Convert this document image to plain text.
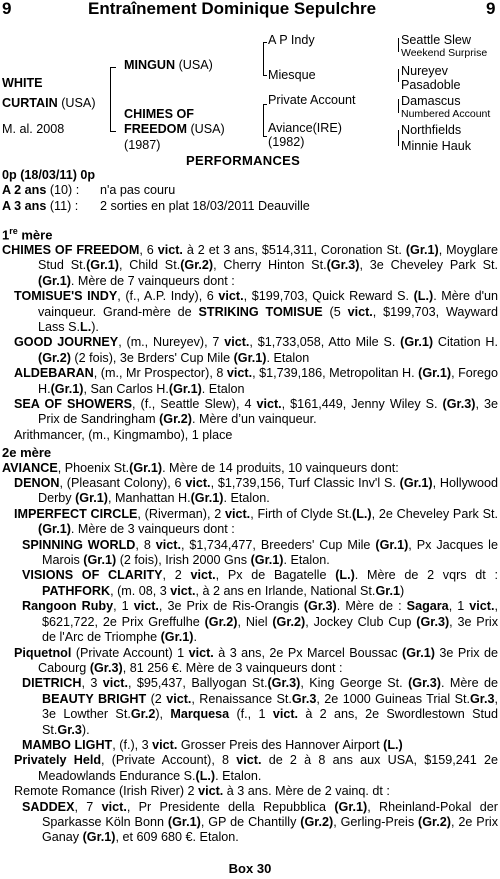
9	Entraînement Dominique Sepulchre	9
WHITE
CURTAIN (USA)
M. al. 2008
MINGUN (USA)
CHIMES OF
FREEDOM (USA)
(1987)
A P Indy
Miesque
Private Account
Aviance(IRE)
(1982)
Seattle Slew
Weekend Surprise
Nureyev
Pasadoble
Damascus
Numbered Account
Northfields
Minnie Hauk
PERFORMANCES
0p (18/03/11) 0p
A 2 ans (10) :	n'a pas couru
A 3 ans (11) :	2 sorties en plat 18/03/2011 Deauville
1re mère

CHIMES OF FREEDOM, 6 vict. à 2 et 3 ans, $514,311, Coronation St. (Gr.1), Moyglare Stud St.(Gr.1), Child St.(Gr.2), Cherry Hinton St.(Gr.3), 3e Cheveley Park St.(Gr.1). Mère de 7 vainqueurs dont :

TOMISUE'S INDY, (f., A.P. Indy), 6 vict., $199,703, Quick Reward S. (L.). Mère d'un vainqueur. Grand-mère de STRIKING TOMISUE (5 vict., $199,703, Wayward Lass S.L.).

GOOD JOURNEY, (m., Nureyev), 7 vict., $1,733,058, Atto Mile S. (Gr.1) Citation H.(Gr.2) (2 fois), 3e Brders' Cup Mile (Gr.1). Etalon

ALDEBARAN, (m., Mr Prospector), 8 vict., $1,739,186, Metropolitan H. (Gr.1), Forego H.(Gr.1), San Carlos H.(Gr.1). Etalon

SEA OF SHOWERS, (f., Seattle Slew), 4 vict., $161,449, Jenny Wiley S. (Gr.3), 3e Prix de Sandringham (Gr.2). Mère d’un vainqueur.

Arithmancer, (m., Kingmambo), 1 place

2e mère

AVIANCE, Phoenix St.(Gr.1). Mère de 14 produits, 10 vainqueurs dont:

DENON, (Pleasant Colony), 6 vict., $1,739,156, Turf Classic Inv'l S. (Gr.1), Hollywood Derby (Gr.1), Manhattan H.(Gr.1). Etalon.

IMPERFECT CIRCLE, (Riverman), 2 vict., Firth of Clyde St.(L.), 2e Cheveley Park St.(Gr.1). Mère de 3 vainqueurs dont :

SPINNING WORLD, 8 vict., $1,734,477, Breeders' Cup Mile (Gr.1), Px Jacques le Marois (Gr.1) (2 fois), Irish 2000 Gns (Gr.1). Etalon.

VISIONS OF CLARITY, 2 vict., Px de Bagatelle (L.). Mère de 2 vqrs dt : PATHFORK, (m. 08, 3 vict., à 2 ans en Irlande, National St.Gr.1)

Rangoon Ruby, 1 vict., 3e Prix de Ris-Orangis (Gr.3). Mère de : Sagara, 1 vict., $621,722, 2e Prix Greffulhe (Gr.2), Niel (Gr.2), Jockey Club Cup (Gr.3), 3e Prix de l'Arc de Triomphe (Gr.1).

Piquetnol (Private Account) 1 vict. à 3 ans, 2e Px Marcel Boussac (Gr.1) 3e Prix de Cabourg (Gr.3), 81 256 €. Mère de 3 vainqueurs dont :

DIETRICH, 3 vict., $95,437, Ballyogan St.(Gr.3), King George St. (Gr.3). Mère de BEAUTY BRIGHT (2 vict., Renaissance St.Gr.3, 2e 1000 Guineas Trial St.Gr.3, 3e Lowther St.Gr.2), Marquesa (f., 1 vict. à 2 ans, 2e Swordlestown Stud St.Gr.3).

MAMBO LIGHT, (f.), 3 vict. Grosser Preis des Hannover Airport (L.)

Privately Held, (Private Account), 8 vict. de 2 à 8 ans aux USA, $159,241 2e Meadowlands Endurance S.(L.). Etalon.

Remote Romance (Irish River) 2 vict. à 3 ans. Mère de 2 vainq. dt :

SADDEX, 7 vict., Pr Presidente della Repubblica (Gr.1), Rheinland-Pokal der Sparkasse Köln Bonn (Gr.1), GP de Chantilly (Gr.2), Gerling-Preis (Gr.2), 2e Prix Ganay (Gr.1), et 609 680 €. Etalon.

Box 30
